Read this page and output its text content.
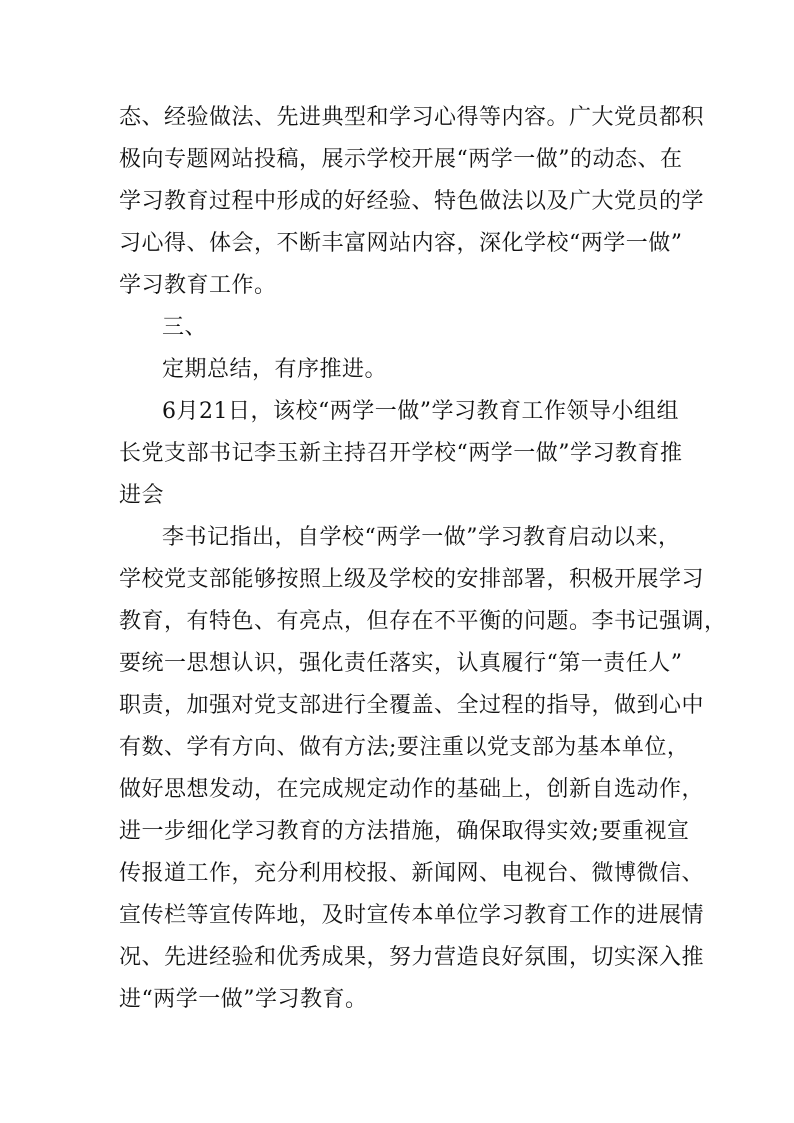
态、经验做法、先进典型和学习心得等内容。广大党员都积
极向专题网站投稿，展示学校开展“两学一做”的动态、在
学习教育过程中形成的好经验、特色做法以及广大党员的学
习心得、体会，不断丰富网站内容，深化学校“两学一做”
学习教育工作。
三、
定期总结，有序推进。
6月21日，该校“两学一做”学习教育工作领导小组组
长党支部书记李玉新主持召开学校“两学一做”学习教育推
进会
李书记指出，自学校“两学一做”学习教育启动以来，
学校党支部能够按照上级及学校的安排部署，积极开展学习
教育，有特色、有亮点，但存在不平衡的问题。李书记强调，
要统一思想认识，强化责任落实，认真履行“第一责任人”
职责，加强对党支部进行全覆盖、全过程的指导，做到心中
有数、学有方向、做有方法;要注重以党支部为基本单位，
做好思想发动，在完成规定动作的基础上，创新自选动作，
进一步细化学习教育的方法措施，确保取得实效;要重视宣
传报道工作，充分利用校报、新闻网、电视台、微博微信、
宣传栏等宣传阵地，及时宣传本单位学习教育工作的进展情
况、先进经验和优秀成果，努力营造良好氛围，切实深入推
进“两学一做”学习教育。
